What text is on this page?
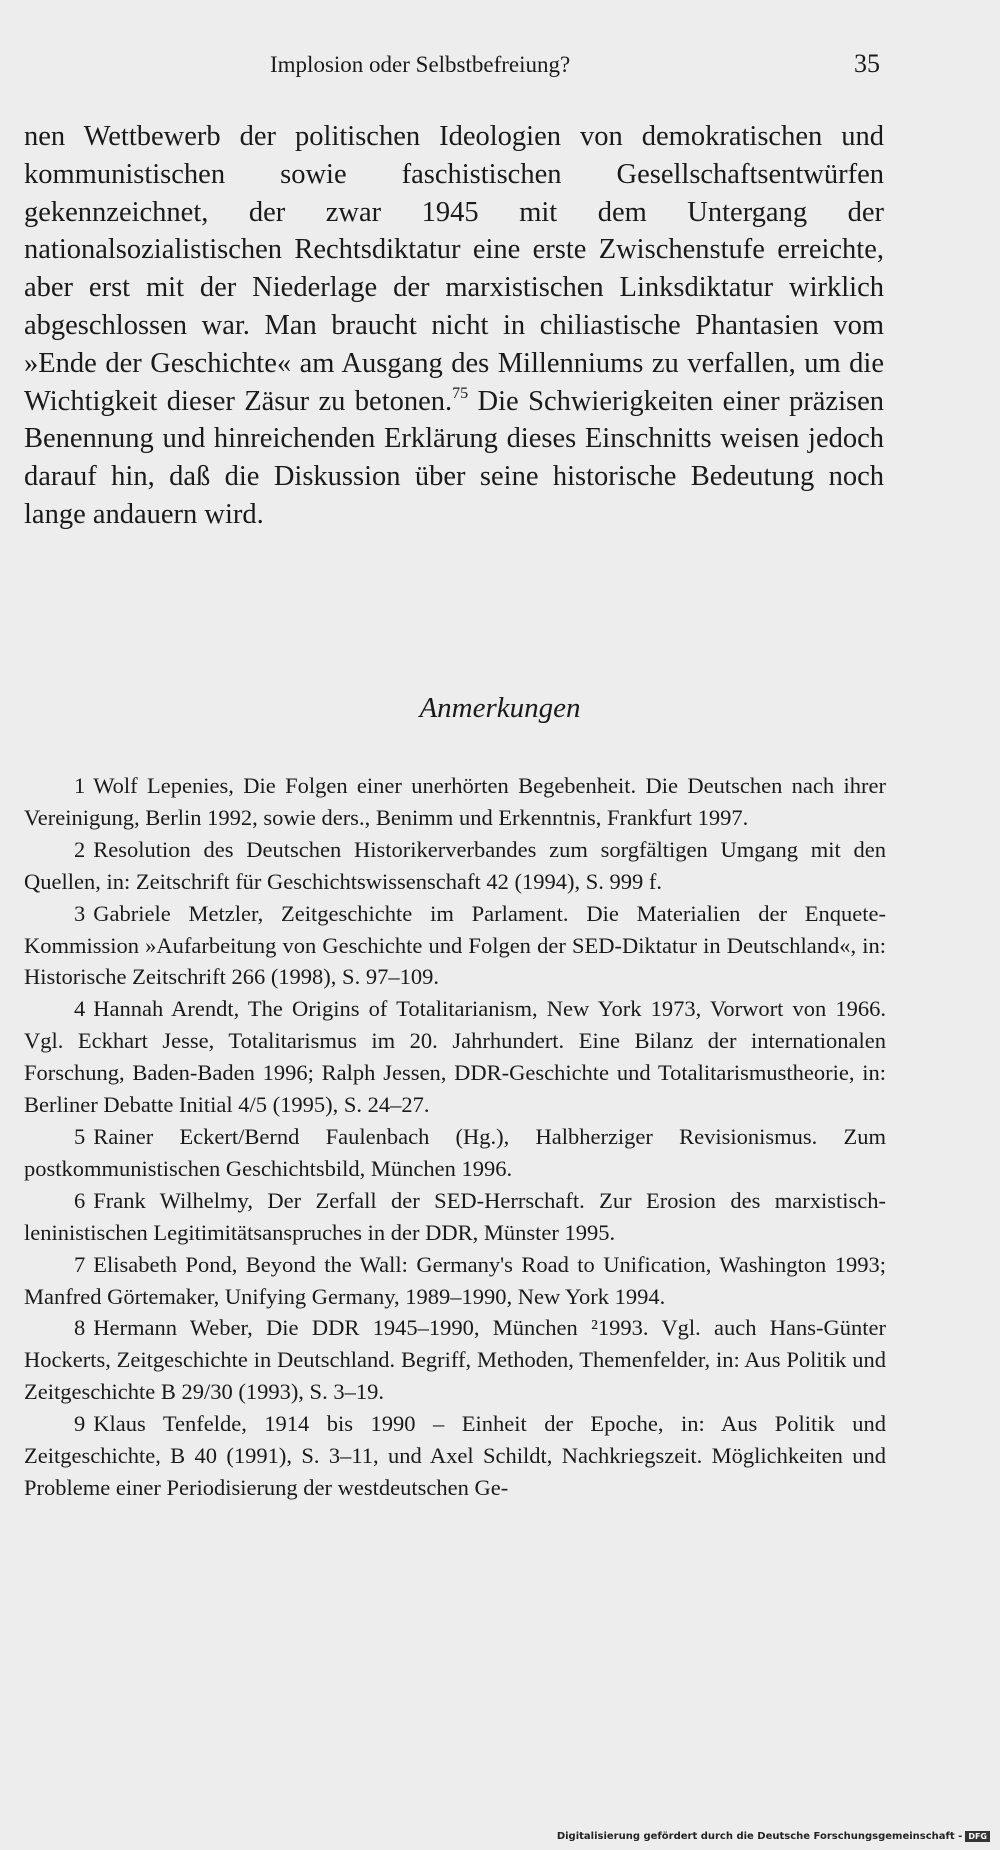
Implosion oder Selbstbefreiung?	35
nen Wettbewerb der politischen Ideologien von demokratischen und kommunistischen sowie faschistischen Gesellschaftsentwürfen gekennzeichnet, der zwar 1945 mit dem Untergang der nationalsozialistischen Rechtsdiktatur eine erste Zwischenstufe erreichte, aber erst mit der Niederlage der marxistischen Linksdiktatur wirklich abgeschlossen war. Man braucht nicht in chiliastische Phantasien vom »Ende der Geschichte« am Ausgang des Millenniums zu verfallen, um die Wichtigkeit dieser Zäsur zu betonen.$^{75}$ Die Schwierigkeiten einer präzisen Benennung und hinreichenden Erklärung dieses Einschnitts weisen jedoch darauf hin, daß die Diskussion über seine historische Bedeutung noch lange andauern wird.
Anmerkungen

1 Wolf Lepenies, Die Folgen einer unerhörten Begebenheit. Die Deutschen nach ihrer Vereinigung, Berlin 1992, sowie ders., Benimm und Erkenntnis, Frankfurt 1997.

2 Resolution des Deutschen Historikerverbandes zum sorgfältigen Umgang mit den Quellen, in: Zeitschrift für Geschichtswissenschaft 42 (1994), S. 999 f.

3 Gabriele Metzler, Zeitgeschichte im Parlament. Die Materialien der Enquete-Kommission »Aufarbeitung von Geschichte und Folgen der SED-Diktatur in Deutschland«, in: Historische Zeitschrift 266 (1998), S. 97–109.

4 Hannah Arendt, The Origins of Totalitarianism, New York 1973, Vorwort von 1966. Vgl. Eckhart Jesse, Totalitarismus im 20. Jahrhundert. Eine Bilanz der internationalen Forschung, Baden-Baden 1996; Ralph Jessen, DDR-Geschichte und Totalitarismustheorie, in: Berliner Debatte Initial 4/5 (1995), S. 24–27.

5 Rainer Eckert/Bernd Faulenbach (Hg.), Halbherziger Revisionismus. Zum postkommunistischen Geschichtsbild, München 1996.

6 Frank Wilhelmy, Der Zerfall der SED-Herrschaft. Zur Erosion des marxistisch-leninistischen Legitimitätsanspruches in der DDR, Münster 1995.

7 Elisabeth Pond, Beyond the Wall: Germany's Road to Unification, Washington 1993; Manfred Görtemaker, Unifying Germany, 1989–1990, New York 1994.

8 Hermann Weber, Die DDR 1945–1990, München ²1993. Vgl. auch Hans-Günter Hockerts, Zeitgeschichte in Deutschland. Begriff, Methoden, Themenfelder, in: Aus Politik und Zeitgeschichte B 29/30 (1993), S. 3–19.

9 Klaus Tenfelde, 1914 bis 1990 – Einheit der Epoche, in: Aus Politik und Zeitgeschichte, B 40 (1991), S. 3–11, und Axel Schildt, Nachkriegszeit. Möglichkeiten und Probleme einer Periodisierung der westdeutschen Ge-

Digitalisierung gefördert durch die Deutsche Forschungsgemeinschaft - DFG
